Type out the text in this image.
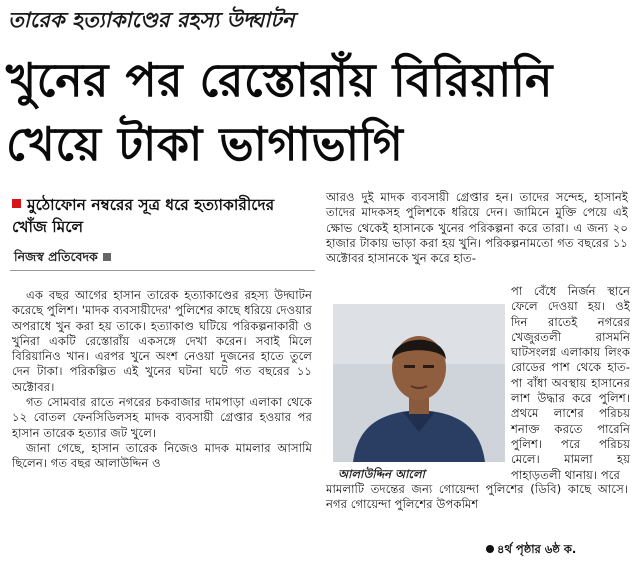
তারেক হত্যাকাণ্ডের রহস্য উদ্ঘাটন
খুনের পর রেস্তোরাঁয় বিরিয়ানি
খেয়ে টাকা ভাগাভাগি
মুঠোফোন নম্বরের সূত্র ধরে হত্যাকারীদের খোঁজ মিলে
নিজস্ব প্রতিবেদক

এক বছর আগের হাসান তারেক হত্যাকাণ্ডের রহস্য উদ্ঘাটন করেছে পুলিশ। 'মাদক ব্যবসায়ীদের' পুলিশের কাছে ধরিয়ে দেওয়ার অপরাধে খুন করা হয় তাকে। হত্যাকাণ্ড ঘটিয়ে পরিকল্পনাকারী ও খুনিরা একটি রেস্তোরাঁয় একসঙ্গে দেখা করেন। সবাই মিলে বিরিয়ানিও খান। এরপর খুনে অংশ নেওয়া দুজনের হাতে তুলে দেন টাকা। পরিকল্পিত এই খুনের ঘটনা ঘটে গত বছরের ১১ অক্টোবর।

গত সোমবার রাতে নগরের চকবাজার দামপাড়া এলাকা থেকে ১২ বোতল ফেনসিডিলসহ মাদক ব্যবসায়ী গ্রেপ্তার হওয়ার পর হাসান তারেক হত্যার জট খুলে।

জানা গেছে, হাসান তারেক নিজেও মাদক মামলার আসামি ছিলেন। গত বছর আলাউদ্দিন ও

আরও দুই মাদক ব্যবসায়ী গ্রেপ্তার হন। তাদের সন্দেহ, হাসানই তাদের মাদকসহ পুলিশকে ধরিয়ে দেন। জামিনে মুক্তি পেয়ে এই ক্ষোভ থেকেই হাসানকে খুনের পরিকল্পনা করে তারা। এ জন্য ২০ হাজার টাকায় ভাড়া করা হয় খুনি। পরিকল্পনামতো গত বছরের ১১ অক্টোবর হাসানকে খুন করে হাত-

পা বেঁধে নির্জন স্থানে ফেলে দেওয়া হয়। ওই দিন রাতেই নগরের খেজুরতলী রাসমনি ঘাটসংলগ্ন এলাকায় লিংক রোডের পাশ থেকে হাত-পা বাঁধা অবস্থায় হাসানের লাশ উদ্ধার করে পুলিশ। প্রথমে লাশের পরিচয় শনাক্ত করতে পারেনি পুলিশ। পরে পরিচয় মেলে। মামলা হয় পাহাড়তলী থানায়। পরে

আলাউদ্দিন আলো

মামলাটি তদন্তের জন্য গোয়েন্দা পুলিশের (ডিবি) কাছে আসে। নগর গোয়েন্দা পুলিশের উপকমিশ

৪র্থ পৃষ্ঠার ৬ষ্ঠ ক.
